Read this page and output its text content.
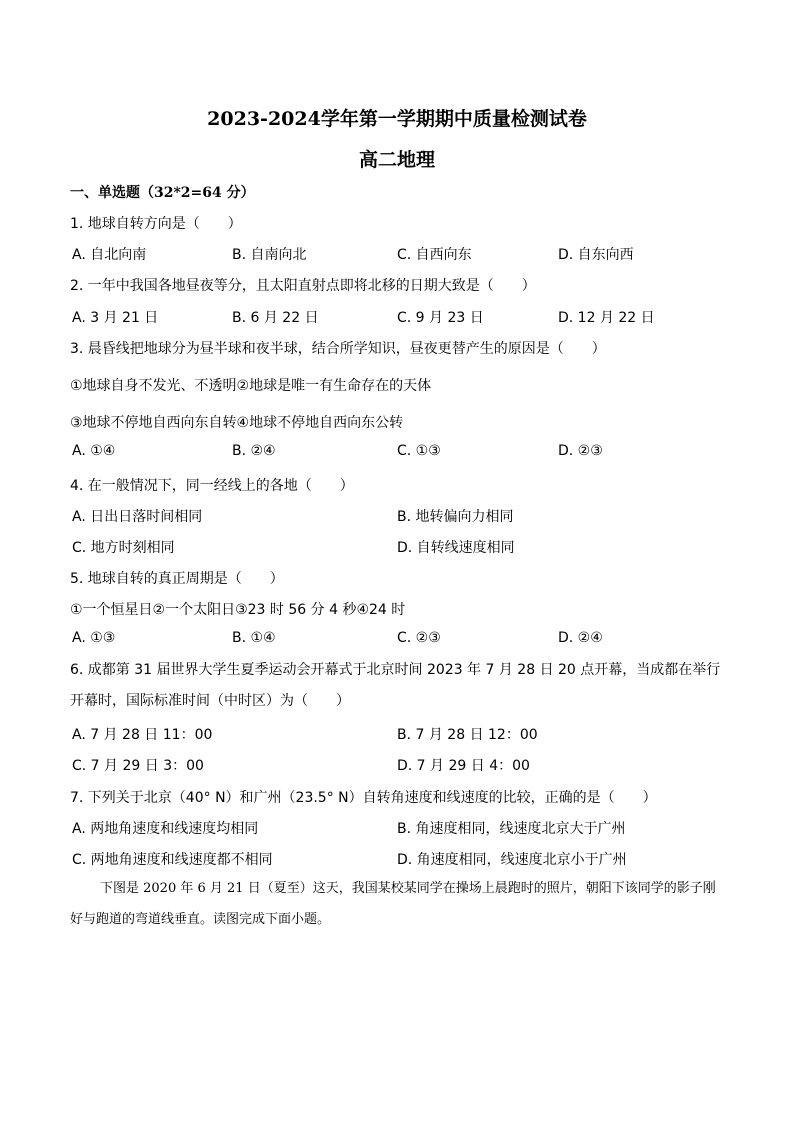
2023-2024学年第一学期期中质量检测试卷
高二地理
一、单选题（32*2=64 分）
1. 地球自转方向是（　　）
A. 自北向南	B. 自南向北	C. 自西向东	D. 自东向西
2. 一年中我国各地昼夜等分，且太阳直射点即将北移的日期大致是（　　）
A. 3 月 21 日	B. 6 月 22 日	C. 9 月 23 日	D. 12 月 22 日
3. 晨昏线把地球分为昼半球和夜半球，结合所学知识，昼夜更替产生的原因是（　　）
①地球自身不发光、不透明②地球是唯一有生命存在的天体
③地球不停地自西向东自转④地球不停地自西向东公转
A. ①④	B. ②④	C. ①③	D. ②③
4. 在一般情况下，同一经线上的各地（　　）
A. 日出日落时间相同	B. 地转偏向力相同
C. 地方时刻相同	D. 自转线速度相同
5. 地球自转的真正周期是（　　）
①一个恒星日②一个太阳日③23 时 56 分 4 秒④24 时
A. ①③	B. ①④	C. ②③	D. ②④
6. 成都第 31 届世界大学生夏季运动会开幕式于北京时间 2023 年 7 月 28 日 20 点开幕，当成都在举行开幕时，国际标准时间（中时区）为（　　）
A. 7 月 28 日 11：00	B. 7 月 28 日 12：00
C. 7 月 29 日 3：00	D. 7 月 29 日 4：00
7. 下列关于北京（40° N）和广州（23.5° N）自转角速度和线速度的比较，正确的是（　　）
A. 两地角速度和线速度均相同	B. 角速度相同，线速度北京大于广州
C. 两地角速度和线速度都不相同	D. 角速度相同，线速度北京小于广州
下图是 2020 年 6 月 21 日（夏至）这天，我国某校某同学在操场上晨跑时的照片，朝阳下该同学的影子刚好与跑道的弯道线垂直。读图完成下面小题。
